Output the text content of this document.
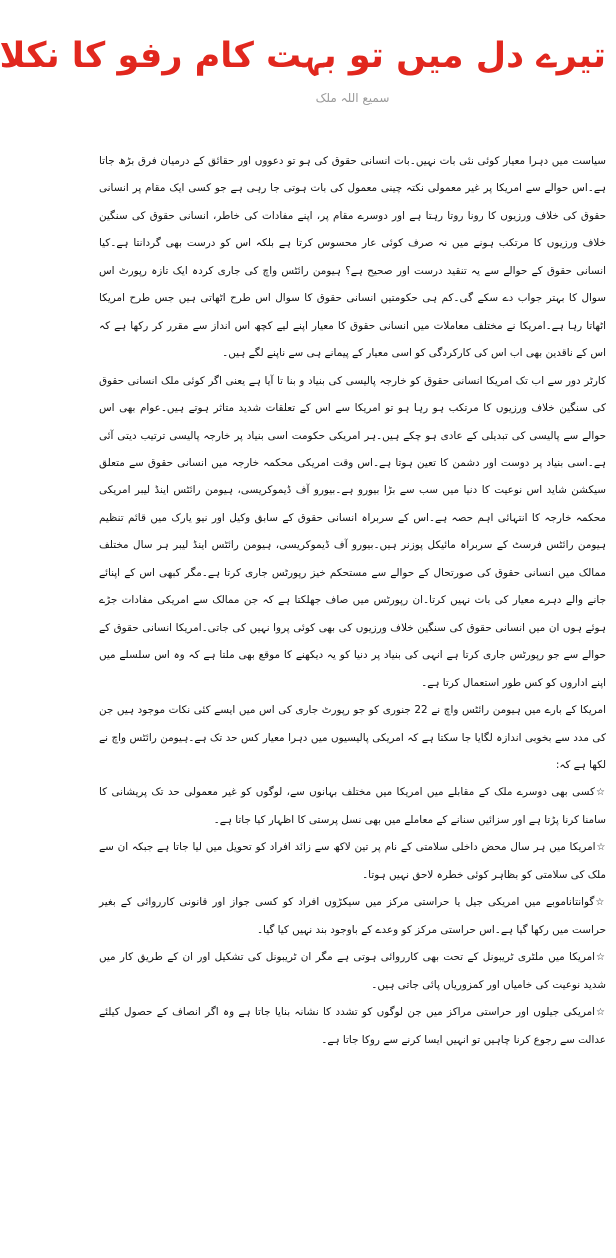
تیرے دل میں تو بہت کام رفو کا نکلا
سمیع اللہ ملک

سیاست میں دہرا معیار کوئی نئی بات نہیں۔بات انسانی حقوق کی ہو تو دعووں اور حقائق کے درمیان فرق بڑھ جاتا ہے۔اس حوالے سے امریکا پر غیر معمولی نکتہ چینی معمول کی بات ہوتی جا رہی ہے جو کسی ایک مقام پر انسانی حقوق کی خلاف ورزیوں کا رونا روتا رہتا ہے اور دوسرے مقام پر، اپنے مفادات کی خاطر، انسانی حقوق کی سنگین خلاف ورزیوں کا مرتکب ہونے میں نہ صرف کوئی عار محسوس کرتا ہے بلکہ اس کو درست بھی گردانتا ہے۔کیا انسانی حقوق کے حوالے سے یہ تنقید درست اور صحیح ہے؟ ہیومن رائٹس واچ کی جاری کردہ ایک تازہ رپورٹ اس سوال کا بہتر جواب دے سکے گی۔کم ہی حکومتیں انسانی حقوق کا سوال اس طرح اٹھاتی ہیں جس طرح امریکا اٹھاتا رہا ہے۔امریکا نے مختلف معاملات میں انسانی حقوق کا معیار اپنے لیے کچھ اس انداز سے مقرر کر رکھا ہے کہ اس کے ناقدین بھی اب اس کی کارکردگی کو اسی معیار کے پیمانے ہی سے ناپنے لگے ہیں۔

کارٹر دور سے اب تک امریکا انسانی حقوق کو خارجہ پالیسی کی بنیاد و بنا تا آیا ہے یعنی اگر کوئی ملک انسانی حقوق کی سنگین خلاف ورزیوں کا مرتکب ہو رہا ہو تو امریکا سے اس کے تعلقات شدید متاثر ہوتے ہیں۔عوام بھی اس حوالے سے پالیسی کی تبدیلی کے عادی ہو چکے ہیں۔ہر امریکی حکومت اسی بنیاد پر خارجہ پالیسی ترتیب دیتی آئی ہے۔اسی بنیاد پر دوست اور دشمن کا تعین ہوتا ہے۔اس وقت امریکی محکمہ خارجہ میں انسانی حقوق سے متعلق سیکشن شاید اس نوعیت کا دنیا میں سب سے بڑا بیورو ہے۔بیورو آف ڈیموکریسی، ہیومن رائٹس اینڈ لیبر امریکی محکمہ خارجہ کا انتہائی اہم حصہ ہے۔اس کے سربراہ انسانی حقوق کے سابق وکیل اور نیو یارک میں قائم تنظیم ہیومن رائٹس فرسٹ کے سربراہ مائیکل پوزنر ہیں۔بیورو آف ڈیموکریسی، ہیومن رائٹس اینڈ لیبر ہر سال مختلف ممالک میں انسانی حقوق کی صورتحال کے حوالے سے مستحکم خیز رپورٹس جاری کرتا ہے۔مگر کبھی اس کے اپنائے جانے والے دہرے معیار کی بات نہیں کرتا۔ان رپورٹس میں صاف جھلکتا ہے کہ جن ممالک سے امریکی مفادات جڑے ہوئے ہوں ان میں انسانی حقوق کی سنگین خلاف ورزیوں کی بھی کوئی پروا نہیں کی جاتی۔امریکا انسانی حقوق کے حوالے سے جو رپورٹس جاری کرتا ہے انہی کی بنیاد پر دنیا کو یہ دیکھنے کا موقع بھی ملتا ہے کہ وہ اس سلسلے میں اپنے اداروں کو کس طور استعمال کرتا ہے۔

امریکا کے بارے میں ہیومن رائٹس واچ نے 22 جنوری کو جو رپورٹ جاری کی اس میں ایسے کئی نکات موجود ہیں جن کی مدد سے بخوبی اندازہ لگایا جا سکتا ہے کہ امریکی پالیسیوں میں دہرا معیار کس حد تک ہے۔ہیومن رائٹس واچ نے لکھا ہے کہ:

☆ کسی بھی دوسرے ملک کے مقابلے میں امریکا میں مختلف بہانوں سے، لوگوں کو غیر معمولی حد تک پریشانی کا سامنا کرنا پڑتا ہے اور سزائیں سنانے کے معاملے میں بھی نسل پرستی کا اظہار کیا جاتا ہے۔

☆ امریکا میں ہر سال محض داخلی سلامتی کے نام پر تین لاکھ سے زائد افراد کو تحویل میں لیا جاتا ہے جبکہ ان سے ملک کی سلامتی کو بظاہر کوئی خطرہ لاحق نہیں ہوتا۔

☆ گوانتاناموبے میں امریکی جیل یا حراستی مرکز میں سیکڑوں افراد کو کسی جواز اور قانونی کارروائی کے بغیر حراست میں رکھا گیا ہے۔اس حراستی مرکز کو وعدے کے باوجود بند نہیں کیا گیا۔

☆ امریکا میں ملٹری ٹریبونل کے تحت بھی کارروائی ہوتی ہے مگر ان ٹریبونل کی تشکیل اور ان کے طریق کار میں شدید نوعیت کی خامیاں اور کمزوریاں پائی جاتی ہیں۔

☆ امریکی جیلوں اور حراستی مراکز میں جن لوگوں کو تشدد کا نشانہ بنایا جاتا ہے وہ اگر انصاف کے حصول کیلئے عدالت سے رجوع کرنا چاہیں تو انہیں ایسا کرنے سے روکا جاتا ہے۔
